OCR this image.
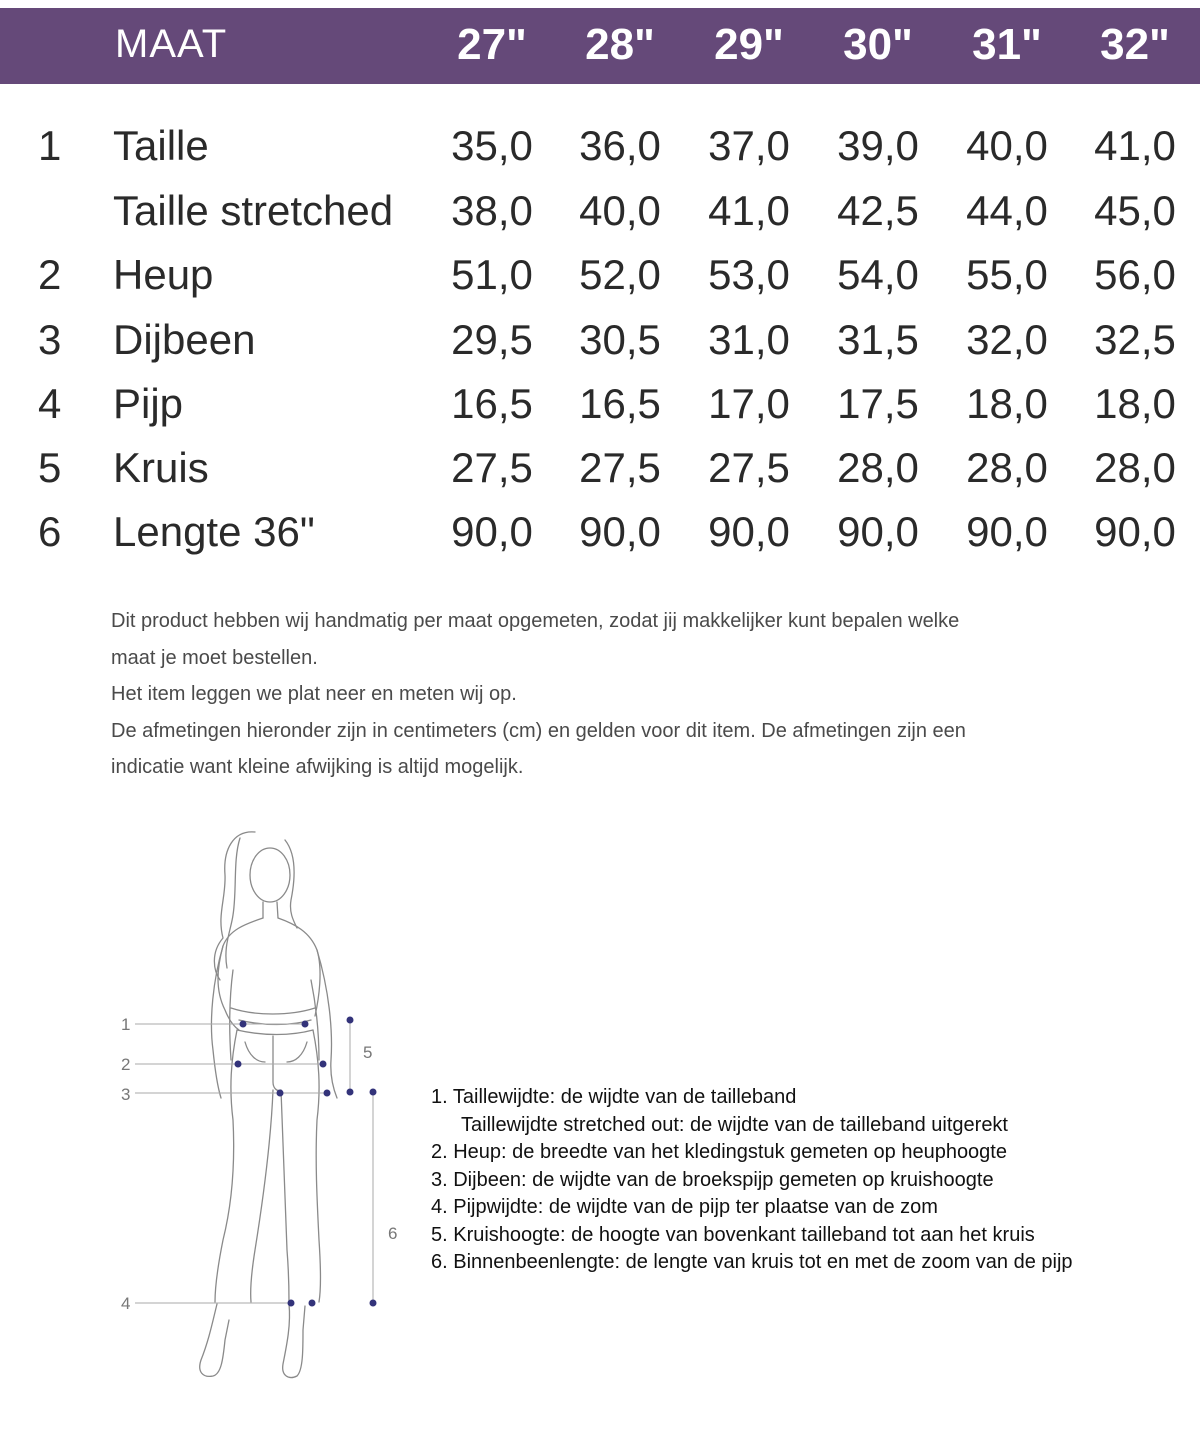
MAAT	27"	28"	29"	30"	31"	32"
1 Taille	35,0	36,0	37,0	39,0	40,0	41,0
Taille stretched	38,0	40,0	41,0	42,5	44,0	45,0
2 Heup	51,0	52,0	53,0	54,0	55,0	56,0
3 Dijbeen	29,5	30,5	31,0	31,5	32,0	32,5
4 Pijp	16,5	16,5	17,0	17,5	18,0	18,0
5 Kruis	27,5	27,5	27,5	28,0	28,0	28,0
6 Lengte 36"	90,0	90,0	90,0	90,0	90,0	90,0

Dit product hebben wij handmatig per maat opgemeten, zodat jij makkelijker kunt bepalen welke

maat je moet bestellen.

Het item leggen we plat neer en meten wij op.

De afmetingen hieronder zijn in centimeters (cm) en gelden voor dit item. De afmetingen zijn een

indicatie want kleine afwijking is altijd mogelijk.

1
2
3
4
5
6
1. Taillewijdte: de wijdte van de tailleband
Taillewijdte stretched out: de wijdte van de tailleband uitgerekt
2. Heup: de breedte van het kledingstuk gemeten op heuphoogte
3. Dijbeen: de wijdte van de broekspijp gemeten op kruishoogte
4. Pijpwijdte: de wijdte van de pijp ter plaatse van de zom
5. Kruishoogte: de hoogte van bovenkant tailleband tot aan het kruis
6. Binnenbeenlengte: de lengte van kruis tot en met de zoom van de pijp
